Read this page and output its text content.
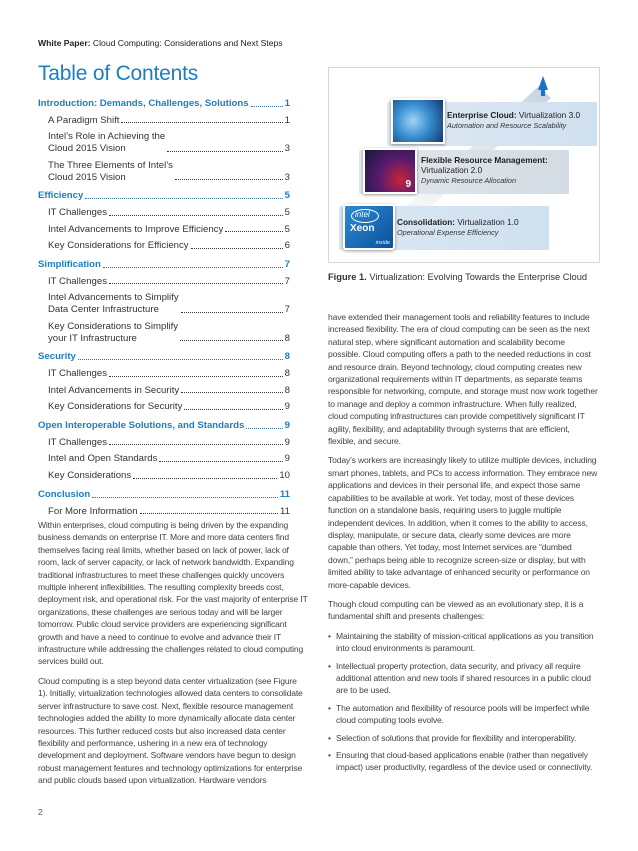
White Paper: Cloud Computing: Considerations and Next Steps
Table of Contents
Introduction: Demands, Challenges, Solutions	1
A Paradigm Shift	1
Intel’s Role in Achieving the
Cloud 2015 Vision	3
The Three Elements of Intel’s
Cloud 2015 Vision	3
Efficiency	5
IT Challenges	5
Intel Advancements to Improve Efficiency	5
Key Considerations for Efficiency	6
Simplification	7
IT Challenges	7
Intel Advancements to Simplify
Data Center Infrastructure	7
Key Considerations to Simplify
your IT Infrastructure	8
Security	8
IT Challenges	8
Intel Advancements in Security	8
Key Considerations for Security	9
Open Interoperable Solutions, and Standards	9
IT Challenges	9
Intel and Open Standards	9
Key Considerations	10
Conclusion	11
For More Information	11

Within enterprises, cloud computing is being driven by the expanding business demands on enterprise IT. More and more data centers find themselves facing real limits, whether based on lack of power, lack of room, lack of server capacity, or lack of network bandwidth. Expanding traditional infrastructures to meet these challenges quickly uncovers multiple inherent inflexibilities. The resulting complexity breeds cost, deployment risk, and operational risk. For the vast majority of enterprise IT organizations, these challenges are serious today and will be larger tomorrow. Public cloud service providers are experiencing significant growth and have a need to continue to evolve and advance their IT infrastructure while addressing the challenges related to cloud computing services build out.

Cloud computing is a step beyond data center virtualization (see Figure 1). Initially, virtualization technologies allowed data centers to consolidate server infrastructure to save cost. Next, flexible resource management technologies added the ability to more dynamically allocate data center resources. This further reduced costs but also increased data center flexibility and performance, ushering in a new era of technology development and deployment. Software vendors have begun to design robust management features and technology optimizations for enterprise and public clouds based upon virtualization. Hardware vendors

Enterprise Cloud: Virtualization 3.0
Automation and Resource Scalability
Flexible Resource Management:
Virtualization 2.0
Dynamic Resource Allocation
9
Consolidation: Virtualization 1.0
Operational Expense Efficiency
intel
Xeon
inside
Figure 1. Virtualization: Evolving Towards the Enterprise Cloud

have extended their management tools and reliability features to include increased flexibility. The era of cloud computing can be seen as the next natural step, where significant automation and scalability become possible. Cloud computing offers a path to the needed reductions in cost and resource drain. Beyond technology, cloud computing creates new organizational requirements within IT departments, as separate teams responsible for networking, compute, and storage must now work together to manage and deploy a common infrastructure. When fully realized, cloud computing infrastructures can provide competitively significant IT agility, flexibility, and adaptability through systems that are efficient, flexible, and secure.

Today’s workers are increasingly likely to utilize multiple devices, including smart phones, tablets, and PCs to access information. They embrace new applications and devices in their personal life, and expect those same capabilities to be available at work. Yet today, most of these devices function on a standalone basis, requiring users to juggle multiple independent devices. In addition, when it comes to the ability to access, display, manipulate, or secure data, clearly some devices are more capable than others. Yet today, most Internet services are “dumbed down,” perhaps being able to recognize screen-size or display, but with limited ability to take advantage of enhanced security or performance on more-capable devices.

Though cloud computing can be viewed as an evolutionary step, it is a fundamental shift and presents challenges:

• Maintaining the stability of mission-critical applications as you transition into cloud environments is paramount.
• Intellectual property protection, data security, and privacy all require additional attention and new tools if shared resources in a public cloud are to be used.
• The automation and flexibility of resource pools will be imperfect while cloud computing tools evolve.
• Selection of solutions that provide for flexibility and interoperability.
• Ensuring that cloud-based applications enable (rather than negatively impact) user productivity, regardless of the device used or connectivity.
2
